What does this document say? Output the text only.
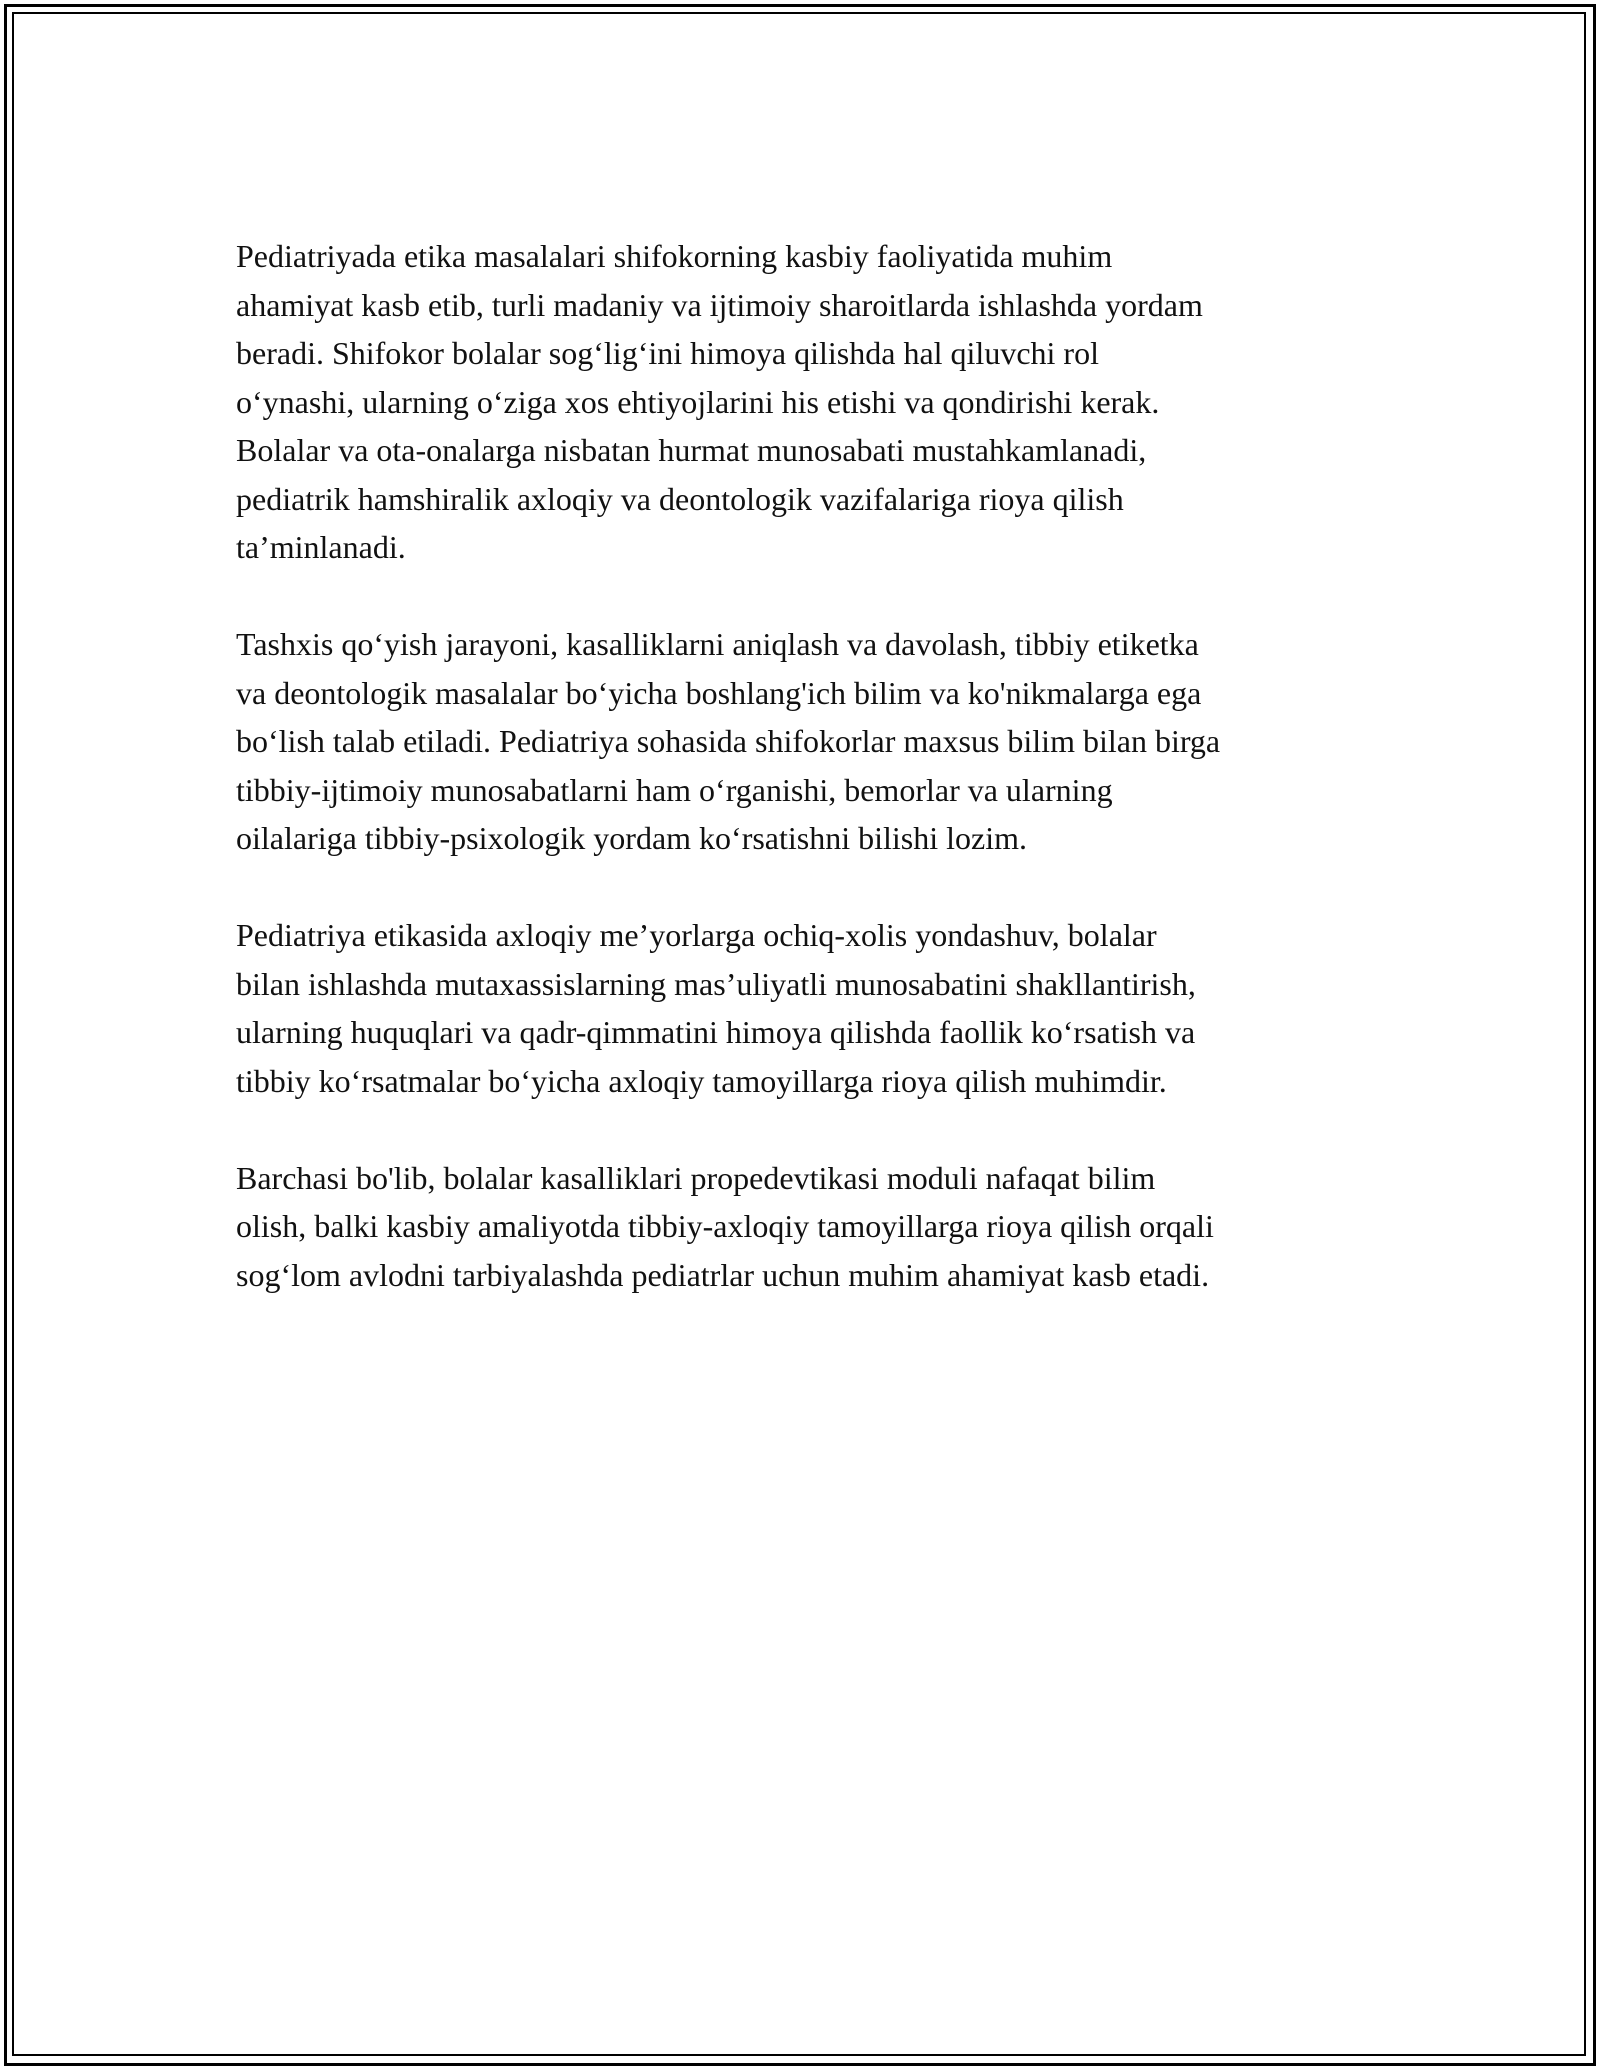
Pediatriyada etika masalalari shifokorning kasbiy faoliyatida muhim
ahamiyat kasb etib, turli madaniy va ijtimoiy sharoitlarda ishlashda yordam
beradi. Shifokor bolalar sog‘lig‘ini himoya qilishda hal qiluvchi rol
o‘ynashi, ularning o‘ziga xos ehtiyojlarini his etishi va qondirishi kerak.
Bolalar va ota-onalarga nisbatan hurmat munosabati mustahkamlanadi,
pediatrik hamshiralik axloqiy va deontologik vazifalariga rioya qilish
ta’minlanadi.

Tashxis qo‘yish jarayoni, kasalliklarni aniqlash va davolash, tibbiy etiketka
va deontologik masalalar bo‘yicha boshlang'ich bilim va ko'nikmalarga ega
bo‘lish talab etiladi. Pediatriya sohasida shifokorlar maxsus bilim bilan birga
tibbiy-ijtimoiy munosabatlarni ham o‘rganishi, bemorlar va ularning
oilalariga tibbiy-psixologik yordam ko‘rsatishni bilishi lozim.

Pediatriya etikasida axloqiy me’yorlarga ochiq-xolis yondashuv, bolalar
bilan ishlashda mutaxassislarning mas’uliyatli munosabatini shakllantirish,
ularning huquqlari va qadr-qimmatini himoya qilishda faollik ko‘rsatish va
tibbiy ko‘rsatmalar bo‘yicha axloqiy tamoyillarga rioya qilish muhimdir.

Barchasi bo'lib, bolalar kasalliklari propedevtikasi moduli nafaqat bilim
olish, balki kasbiy amaliyotda tibbiy-axloqiy tamoyillarga rioya qilish orqali
sog‘lom avlodni tarbiyalashda pediatrlar uchun muhim ahamiyat kasb etadi.
